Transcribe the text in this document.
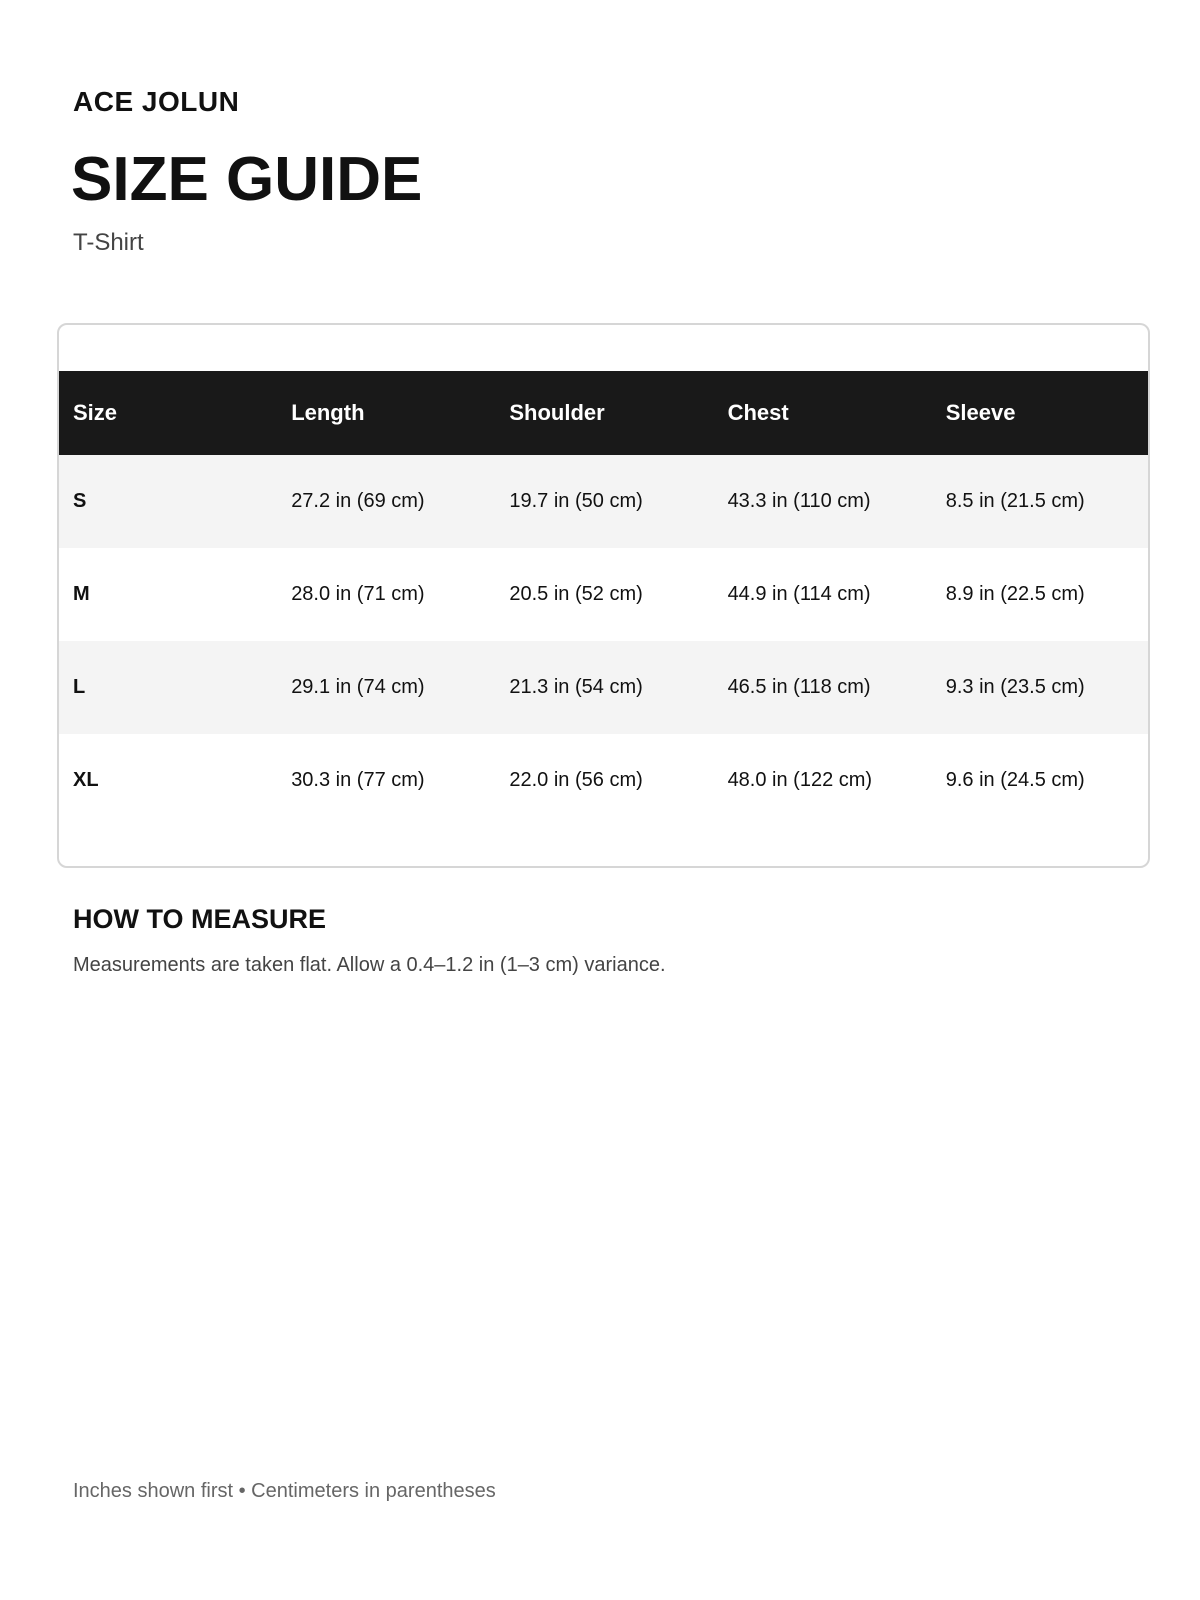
ACE JOLUN
SIZE GUIDE
T-Shirt
Size	Length	Shoulder	Chest	Sleeve
S	27.2 in (69 cm)	19.7 in (50 cm)	43.3 in (110 cm)	8.5 in (21.5 cm)
M	28.0 in (71 cm)	20.5 in (52 cm)	44.9 in (114 cm)	8.9 in (22.5 cm)
L	29.1 in (74 cm)	21.3 in (54 cm)	46.5 in (118 cm)	9.3 in (23.5 cm)
XL	30.3 in (77 cm)	22.0 in (56 cm)	48.0 in (122 cm)	9.6 in (24.5 cm)
HOW TO MEASURE
Measurements are taken flat. Allow a 0.4–1.2 in (1–3 cm) variance.
Inches shown first • Centimeters in parentheses
